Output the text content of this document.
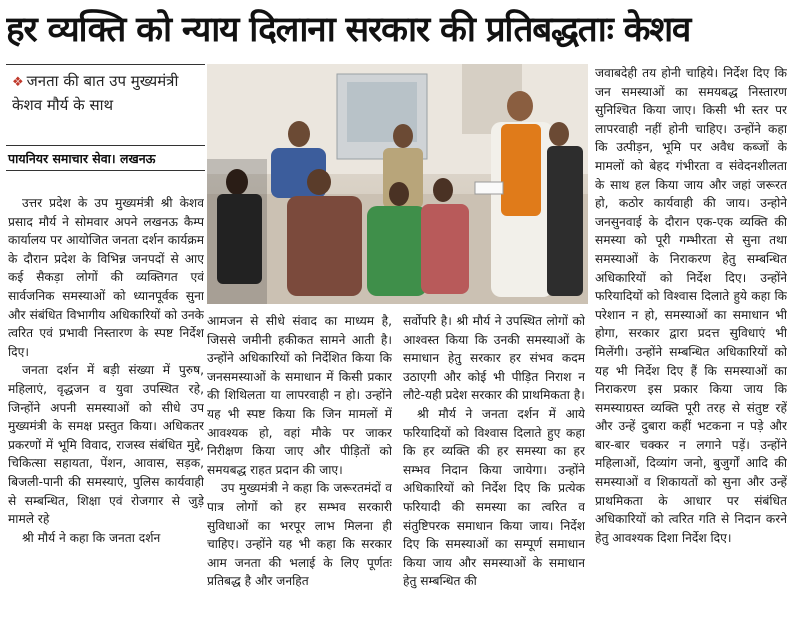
हर व्यक्ति को न्याय दिलाना सरकार की प्रतिबद्धताः केशव
❖ जनता की बात उप मुख्यमंत्री केशव मौर्य के साथ
पायनियर समाचार सेवा। लखनऊ

उत्तर प्रदेश के उप मुख्यमंत्री श्री केशव प्रसाद मौर्य ने सोमवार अपने लखनऊ कैम्प कार्यालय पर आयोजित जनता दर्शन कार्यक्रम के दौरान प्रदेश के विभिन्न जनपदों से आए कई सैकड़ा लोगों की व्यक्तिगत एवं सार्वजनिक समस्याओं को ध्यानपूर्वक सुना और संबंधित विभागीय अधिकारियों को उनके त्वरित एवं प्रभावी निस्तारण के स्पष्ट निर्देश दिए।

जनता दर्शन में बड़ी संख्या में पुरुष, महिलाएं, वृद्धजन व युवा उपस्थित रहे, जिन्होंने अपनी समस्याओं को सीधे उप मुख्यमंत्री के समक्ष प्रस्तुत किया। अधिकतर प्रकरणों में भूमि विवाद, राजस्व संबंधित मुद्दे, चिकित्सा सहायता, पेंशन, आवास, सड़क, बिजली-पानी की समस्याएं, पुलिस कार्यवाही से सम्बन्धित, शिक्षा एवं रोजगार से जुड़े मामले रहे

श्री मौर्य ने कहा कि जनता दर्शन

आमजन से सीधे संवाद का माध्यम है, जिससे जमीनी हकीकत सामने आती है। उन्होंने अधिकारियों को निर्देशित किया कि जनसमस्याओं के समाधान में किसी प्रकार की शिथिलता या लापरवाही न हो। उन्होंने यह भी स्पष्ट किया कि जिन मामलों में आवश्यक हो, वहां मौके पर जाकर निरीक्षण किया जाए और पीड़ितों को समयबद्ध राहत प्रदान की जाए।

उप मुख्यमंत्री ने कहा कि जरूरतमंदों व पात्र लोगों को हर सम्भव सरकारी सुविधाओं का भरपूर लाभ मिलना ही चाहिए। उन्होंने यह भी कहा कि सरकार आम जनता की भलाई के लिए पूर्णतः प्रतिबद्ध है और जनहित

सर्वोपरि है। श्री मौर्य ने उपस्थित लोगों को आश्वस्त किया कि उनकी समस्याओं के समाधान हेतु सरकार हर संभव कदम उठाएगी और कोई भी पीड़ित निराश न लौटे-यही प्रदेश सरकार की प्राथमिकता है।

श्री मौर्य ने जनता दर्शन में आये फरियादियों को विश्वास दिलाते हुए कहा कि हर व्यक्ति की हर समस्या का हर सम्भव निदान किया जायेगा। उन्होंने अधिकारियों को निर्देश दिए कि प्रत्येक फरियादी की समस्या का त्वरित व संतुष्टिपरक समाधान किया जाय। निर्देश दिए कि समस्याओं का सम्पूर्ण समाधान किया जाय और समस्याओं के समाधान हेतु सम्बन्धित की

जवाबदेही तय होनी चाहिये। निर्देश दिए कि जन समस्याओं का समयबद्ध निस्तारण सुनिश्चित किया जाए। किसी भी स्तर पर लापरवाही नहीं होनी चाहिए। उन्होंने कहा कि उत्पीड़न, भूमि पर अवैध कब्जों के मामलों को बेहद गंभीरता व संवेदनशीलता के साथ हल किया जाय और जहां जरूरत हो, कठोर कार्यवाही की जाय। उन्होने जनसुनवाई के दौरान एक-एक व्यक्ति की समस्या को पूरी गम्भीरता से सुना तथा समस्याओं के निराकरण हेतु सम्बन्धित अधिकारियों को निर्देश दिए। उन्होंने फरियादियों को विश्वास दिलाते हुये कहा कि परेशान न हो, समस्याओं का समाधान भी होगा, सरकार द्वारा प्रदत्त सुविधाएं भी मिलेंगी। उन्होंने सम्बन्धित अधिकारियों को यह भी निर्देश दिए हैं कि समस्याओं का निराकरण इस प्रकार किया जाय कि समस्याग्रस्त व्यक्ति पूरी तरह से संतुष्ट रहें और उन्हें दुबारा कहीं भटकना न पड़े और बार-बार चक्कर न लगाने पड़ें। उन्होंने महिलाओं, दिव्यांग जनो, बुजुर्गों आदि की समस्याओं व शिकायतों को सुना और उन्हें प्राथमिकता के आधार पर संबंधित अधिकारियों को त्वरित गति से निदान करने हेतु आवश्यक दिशा निर्देश दिए।
